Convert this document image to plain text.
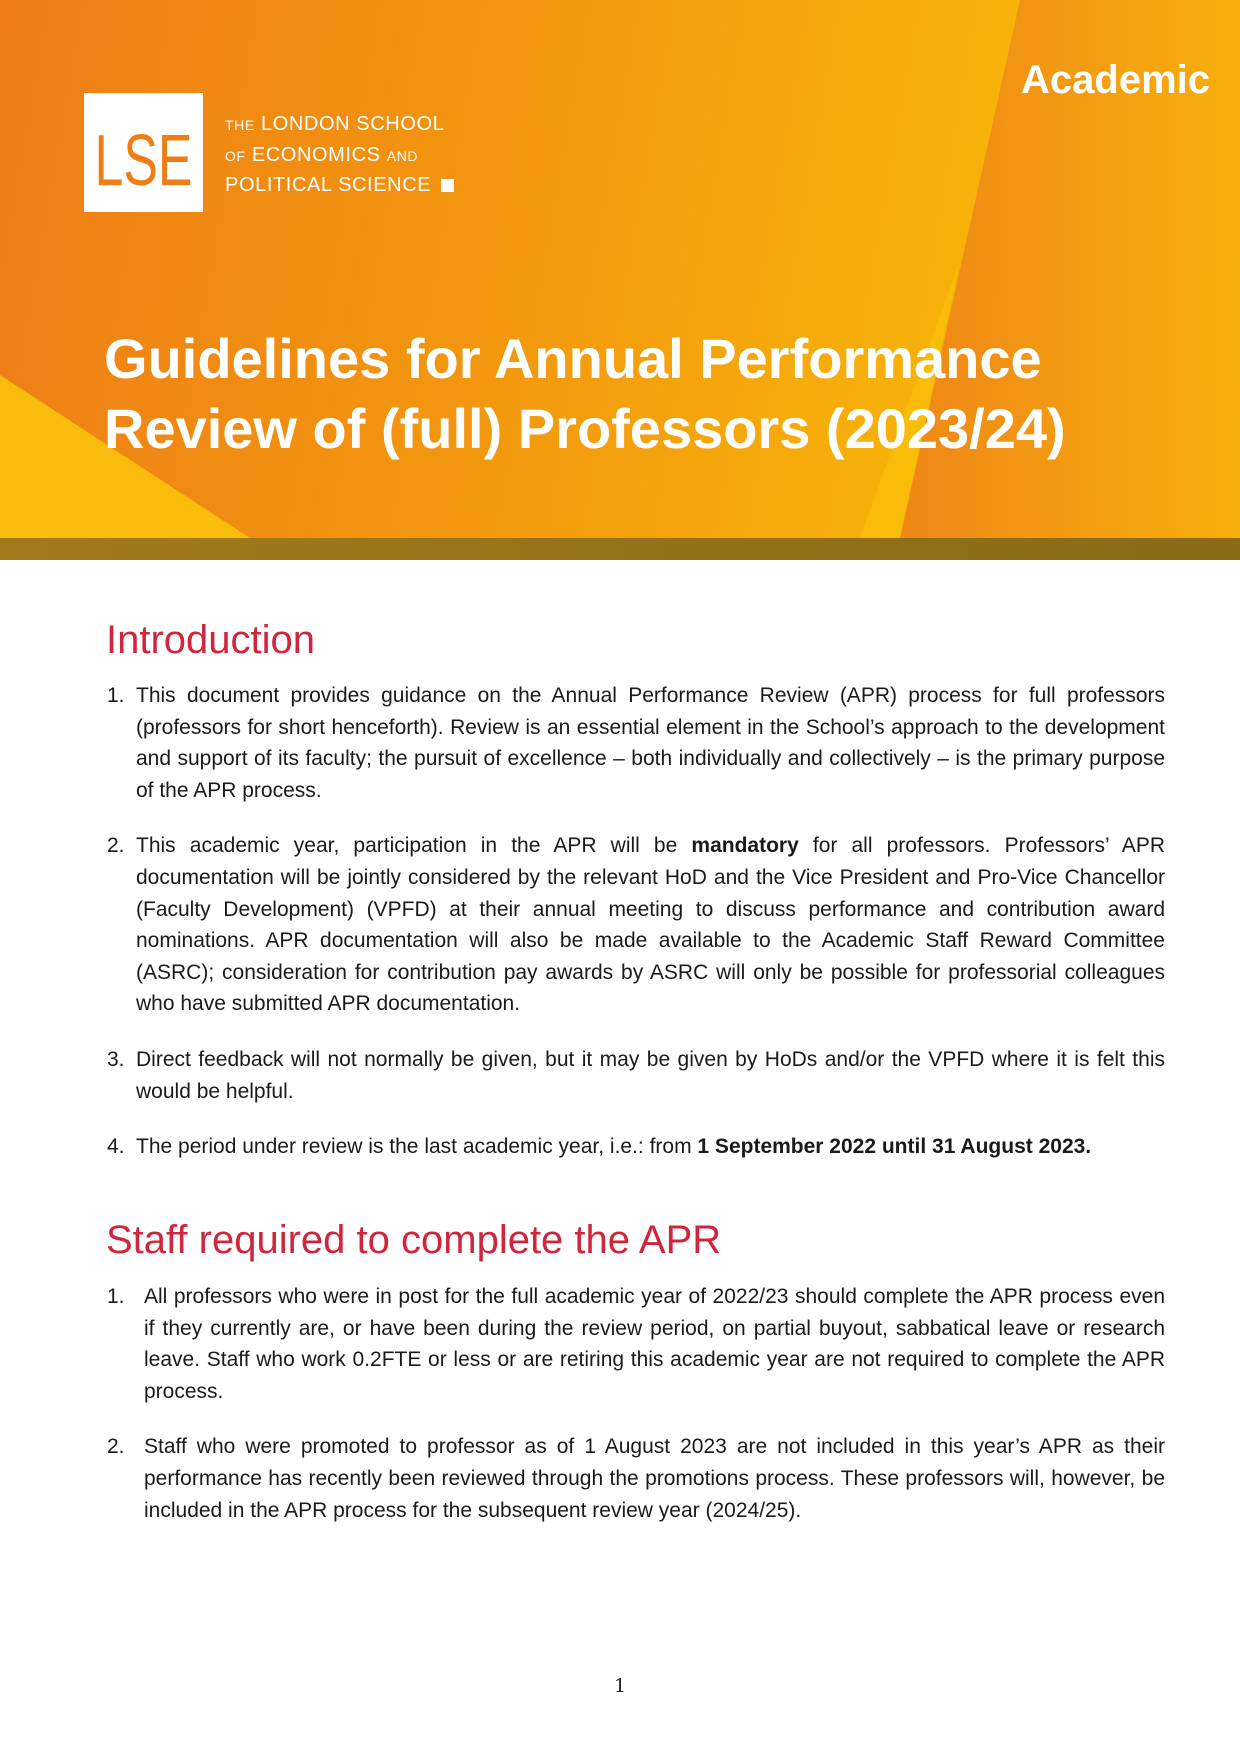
Academic
LSE THE LONDON SCHOOL
OF ECONOMICS AND
POLITICAL SCIENCE
Guidelines for Annual Performance
Review of (full) Professors (2023/24)
Introduction
1. This document provides guidance on the Annual Performance Review (APR) process for full professors (professors for short henceforth). Review is an essential element in the School’s approach to the development and support of its faculty; the pursuit of excellence – both individually and collectively – is the primary purpose of the APR process.
2. This academic year, participation in the APR will be mandatory for all professors. Professors’ APR documentation will be jointly considered by the relevant HoD and the Vice President and Pro-Vice Chancellor (Faculty Development) (VPFD) at their annual meeting to discuss performance and contribution award nominations. APR documentation will also be made available to the Academic Staff Reward Committee (ASRC); consideration for contribution pay awards by ASRC will only be possible for professorial colleagues who have submitted APR documentation.
3. Direct feedback will not normally be given, but it may be given by HoDs and/or the VPFD where it is felt this would be helpful.
4. The period under review is the last academic year, i.e.: from 1 September 2022 until 31 August 2023.
Staff required to complete the APR
1. All professors who were in post for the full academic year of 2022/23 should complete the APR process even if they currently are, or have been during the review period, on partial buyout, sabbatical leave or research leave. Staff who work 0.2FTE or less or are retiring this academic year are not required to complete the APR process.
2. Staff who were promoted to professor as of 1 August 2023 are not included in this year’s APR as their performance has recently been reviewed through the promotions process. These professors will, however, be included in the APR process for the subsequent review year (2024/25).
1
